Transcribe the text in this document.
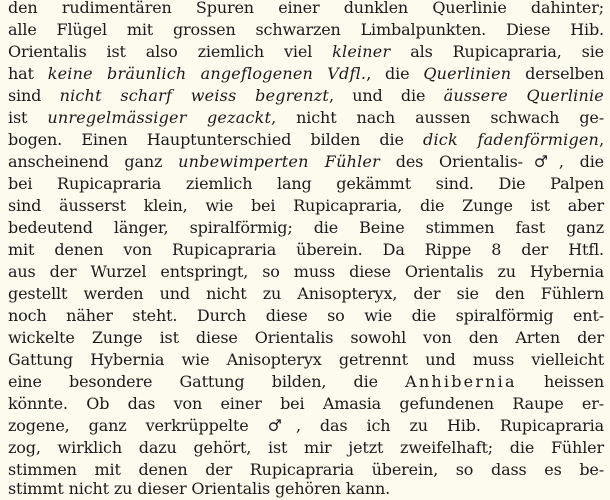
den rudimentären Spuren einer dunklen Querlinie dahinter;
alle Flügel mit grossen schwarzen Limbalpunkten. Diese Hib.
Orientalis ist also ziemlich viel kleiner als Rupicapraria, sie
hat keine bräunlich angeflogenen Vdfl., die Querlinien derselben
sind nicht scharf weiss begrenzt, und die äussere Querlinie
ist unregelmässiger gezackt, nicht nach aussen schwach ge-
bogen. Einen Hauptunterschied bilden die dick fadenförmigen,
anscheinend ganz unbewimperten Fühler des Orientalis-♂, die
bei Rupicapraria ziemlich lang gekämmt sind. Die Palpen
sind äusserst klein, wie bei Rupicapraria, die Zunge ist aber
bedeutend länger, spiralförmig; die Beine stimmen fast ganz
mit denen von Rupicapraria überein. Da Rippe 8 der Htfl.
aus der Wurzel entspringt, so muss diese Orientalis zu Hybernia
gestellt werden und nicht zu Anisopteryx, der sie den Fühlern
noch näher steht. Durch diese so wie die spiralförmig ent-
wickelte Zunge ist diese Orientalis sowohl von den Arten der
Gattung Hybernia wie Anisopteryx getrennt und muss vielleicht
eine besondere Gattung bilden, die Anhibernia heissen
könnte. Ob das von einer bei Amasia gefundenen Raupe er-
zogene, ganz verkrüppelte ♂, das ich zu Hib. Rupicapraria
zog, wirklich dazu gehört, ist mir jetzt zweifelhaft; die Fühler
stimmen mit denen der Rupicapraria überein, so dass es be-
stimmt nicht zu dieser Orientalis gehören kann.
